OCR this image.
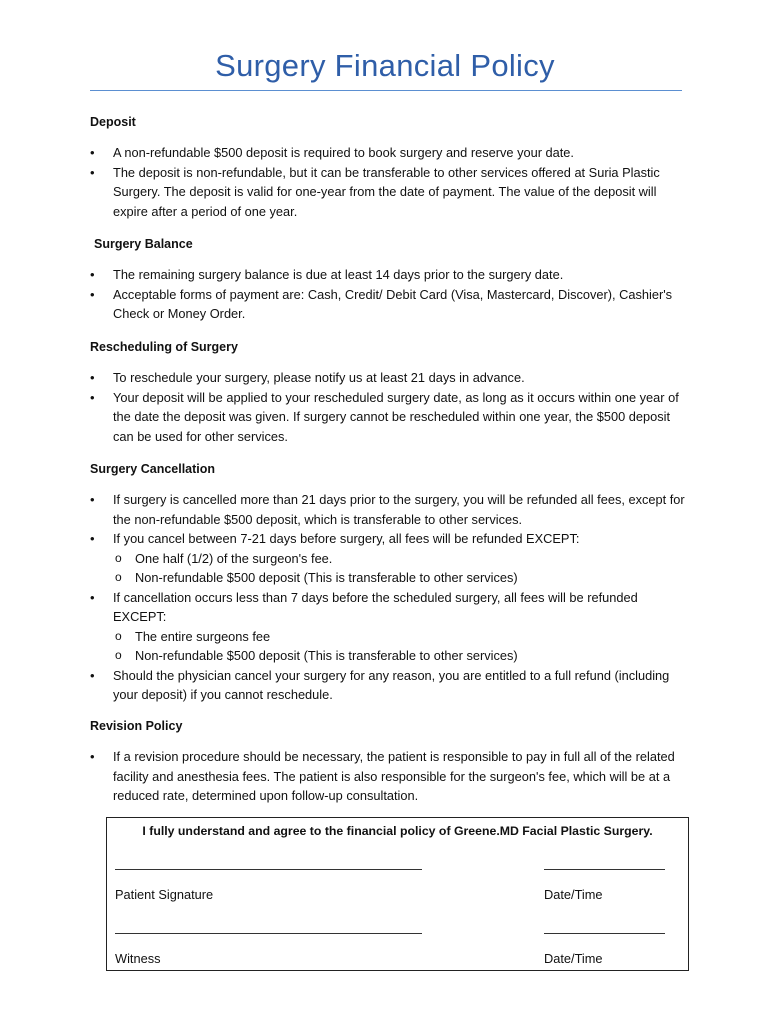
Surgery Financial Policy
Deposit
• A non-refundable $500 deposit is required to book surgery and reserve your date.
• The deposit is non-refundable, but it can be transferable to other services offered at Suria Plastic Surgery. The deposit is valid for one-year from the date of payment. The value of the deposit will expire after a period of one year.
Surgery Balance
• The remaining surgery balance is due at least 14 days prior to the surgery date.
• Acceptable forms of payment are: Cash, Credit/ Debit Card (Visa, Mastercard, Discover), Cashier's Check or Money Order.
Rescheduling of Surgery
• To reschedule your surgery, please notify us at least 21 days in advance.
• Your deposit will be applied to your rescheduled surgery date, as long as it occurs within one year of the date the deposit was given. If surgery cannot be rescheduled within one year, the $500 deposit can be used for other services.
Surgery Cancellation
• If surgery is cancelled more than 21 days prior to the surgery, you will be refunded all fees, except for the non-refundable $500 deposit, which is transferable to other services.
• If you cancel between 7-21 days before surgery, all fees will be refunded EXCEPT:
o One half (1/2) of the surgeon's fee.
o Non-refundable $500 deposit (This is transferable to other services)
• If cancellation occurs less than 7 days before the scheduled surgery, all fees will be refunded EXCEPT:
o The entire surgeons fee
o Non-refundable $500 deposit (This is transferable to other services)
• Should the physician cancel your surgery for any reason, you are entitled to a full refund (including your deposit) if you cannot reschedule.
Revision Policy
• If a revision procedure should be necessary, the patient is responsible to pay in full all of the related facility and anesthesia fees. The patient is also responsible for the surgeon's fee, which will be at a reduced rate, determined upon follow-up consultation.
I fully understand and agree to the financial policy of Greene.MD Facial Plastic Surgery.
Patient Signature	Date/Time
Witness	Date/Time
